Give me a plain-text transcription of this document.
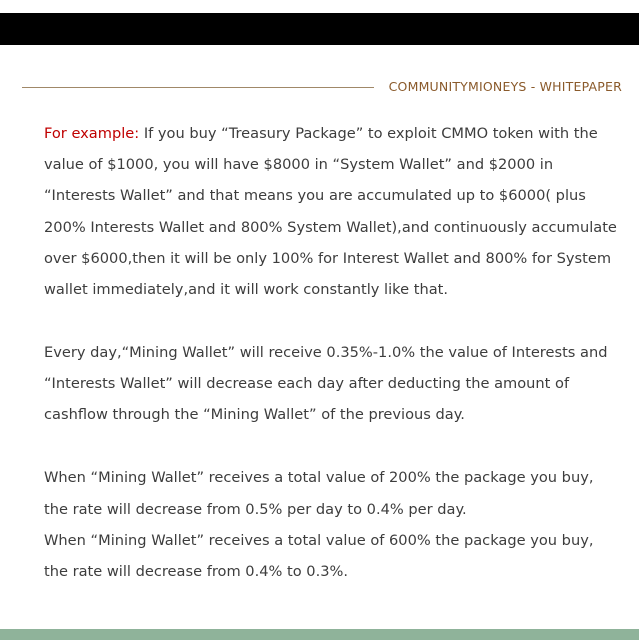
COMMUNITYMIONEYS - WHITEPAPER

For example: If you buy “Treasury Package” to exploit CMMO token with the value of $1000, you will have $8000 in “System Wallet” and $2000 in “Interests Wallet” and that means you are accumulated up to $6000( plus 200% Interests Wallet and 800% System Wallet),and continuously accumulate over $6000,then it will be only 100% for Interest Wallet and 800% for System wallet immediately,and it will work constantly like that.

Every day,“Mining Wallet” will receive 0.35%-1.0% the value of Interests and “Interests Wallet” will decrease each day after deducting the amount of cashflow through the “Mining Wallet” of the previous day.

When “Mining Wallet” receives a total value of 200% the package you buy, the rate will decrease from 0.5% per day to 0.4% per day.

When “Mining Wallet” receives a total value of 600% the package you buy, the rate will decrease from 0.4% to 0.3%.
